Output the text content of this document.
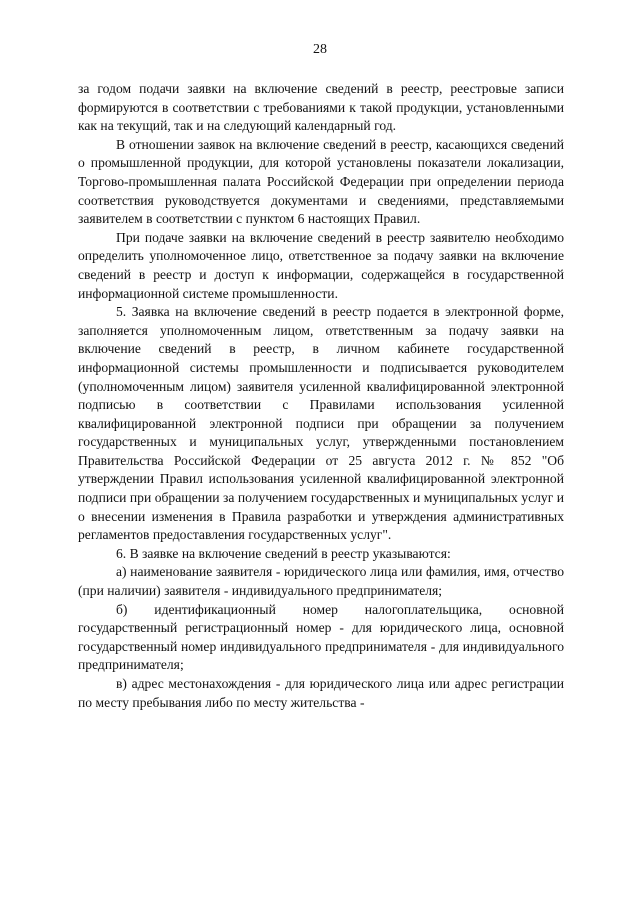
28

за годом подачи заявки на включение сведений в реестр, реестровые записи формируются в соответствии с требованиями к такой продукции, установленными как на текущий, так и на следующий календарный год.

В отношении заявок на включение сведений в реестр, касающихся сведений о промышленной продукции, для которой установлены показатели локализации, Торгово-промышленная палата Российской Федерации при определении периода соответствия руководствуется документами и сведениями, представляемыми заявителем в соответствии с пунктом 6 настоящих Правил.

При подаче заявки на включение сведений в реестр заявителю необходимо определить уполномоченное лицо, ответственное за подачу заявки на включение сведений в реестр и доступ к информации, содержащейся в государственной информационной системе промышленности.

5. Заявка на включение сведений в реестр подается в электронной форме, заполняется уполномоченным лицом, ответственным за подачу заявки на включение сведений в реестр, в личном кабинете государственной информационной системы промышленности и подписывается руководителем (уполномоченным лицом) заявителя усиленной квалифицированной электронной подписью в соответствии с Правилами использования усиленной квалифицированной электронной подписи при обращении за получением государственных и муниципальных услуг, утвержденными постановлением Правительства Российской Федерации от 25 августа 2012 г. № 852 "Об утверждении Правил использования усиленной квалифицированной электронной подписи при обращении за получением государственных и муниципальных услуг и о внесении изменения в Правила разработки и утверждения административных регламентов предоставления государственных услуг".

6. В заявке на включение сведений в реестр указываются:

а) наименование заявителя - юридического лица или фамилия, имя, отчество (при наличии) заявителя - индивидуального предпринимателя;

б) идентификационный номер налогоплательщика, основной государственный регистрационный номер - для юридического лица, основной государственный номер индивидуального предпринимателя - для индивидуального предпринимателя;

в) адрес местонахождения - для юридического лица или адрес регистрации по месту пребывания либо по месту жительства -
